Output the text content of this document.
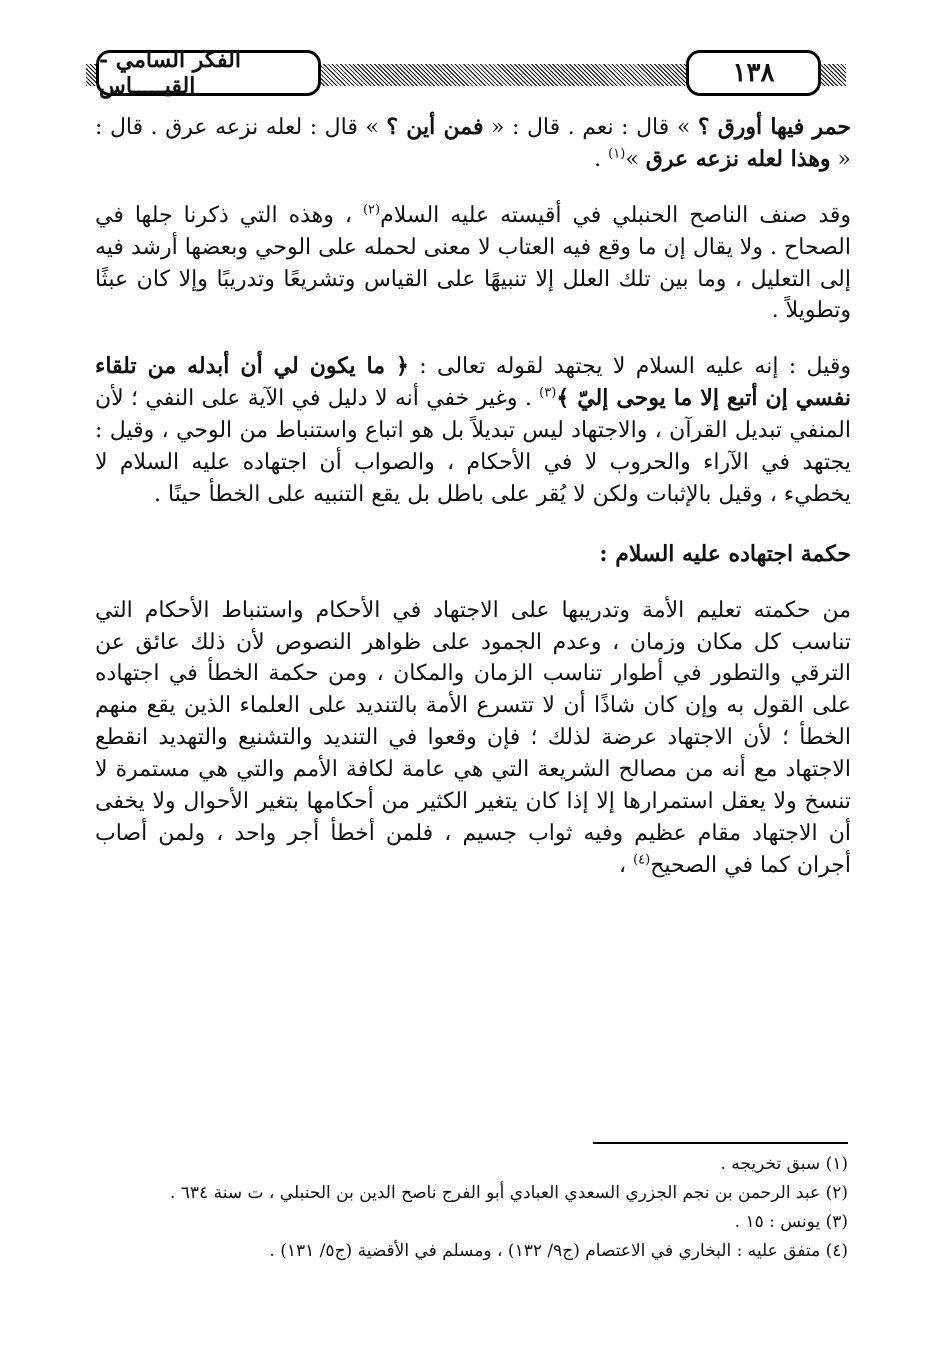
الفكر السامي - القيـــــاس	١٣٨

حمر فيها أورق ؟ » قال : نعم . قال : « فمن أين ؟ » قال : لعله نزعه عرق . قال : « وهذا لعله نزعه عرق »$^{(١)}$ .

وقد صنف الناصح الحنبلي في أقيسته عليه السلام$^{(٢)}$ ، وهذه التي ذكرنا جلها في الصحاح . ولا يقال إن ما وقع فيه العتاب لا معنى لحمله على الوحي وبعضها أرشد فيه إلى التعليل ، وما بين تلك العلل إلا تنبيهًا على القياس وتشريعًا وتدريبًا وإلا كان عبثًا وتطويلاً .

وقيل : إنه عليه السلام لا يجتهد لقوله تعالى : ﴿ ما يكون لي أن أبدله من تلقاء نفسي إن أتبع إلا ما يوحى إليّ ﴾$^{(٣)}$ . وغير خفي أنه لا دليل في الآية على النفي ؛ لأن المنفي تبديل القرآن ، والاجتهاد ليس تبديلاً بل هو اتباع واستنباط من الوحي ، وقيل : يجتهد في الآراء والحروب لا في الأحكام ، والصواب أن اجتهاده عليه السلام لا يخطيء ، وقيل بالإثبات ولكن لا يُقر على باطل بل يقع التنبيه على الخطأ حينًا .

حكمة اجتهاده عليه السلام :

من حكمته تعليم الأمة وتدريبها على الاجتهاد في الأحكام واستنباط الأحكام التي تناسب كل مكان وزمان ، وعدم الجمود على ظواهر النصوص لأن ذلك عائق عن الترقي والتطور في أطوار تناسب الزمان والمكان ، ومن حكمة الخطأ في اجتهاده على القول به وإن كان شاذًا أن لا تتسرع الأمة بالتنديد على العلماء الذين يقع منهم الخطأ ؛ لأن الاجتهاد عرضة لذلك ؛ فإن وقعوا في التنديد والتشنيع والتهديد انقطع الاجتهاد مع أنه من مصالح الشريعة التي هي عامة لكافة الأمم والتي هي مستمرة لا تنسخ ولا يعقل استمرارها إلا إذا كان يتغير الكثير من أحكامها بتغير الأحوال ولا يخفى أن الاجتهاد مقام عظيم وفيه ثواب جسيم ، فلمن أخطأ أجر واحد ، ولمن أصاب أجران كما في الصحيح$^{(٤)}$ ،

(١) سبق تخريجه .

(٢) عبد الرحمن بن نجم الجزري السعدي العبادي أبو الفرج ناصح الدين بن الحنبلي ، ت سنة ٦٣٤ .

(٣) يونس : ١٥ .

(٤) متفق عليه : البخاري في الاعتصام (ج٩/ ١٣٢) ، ومسلم في الأقضية (ج٥/ ١٣١) .
